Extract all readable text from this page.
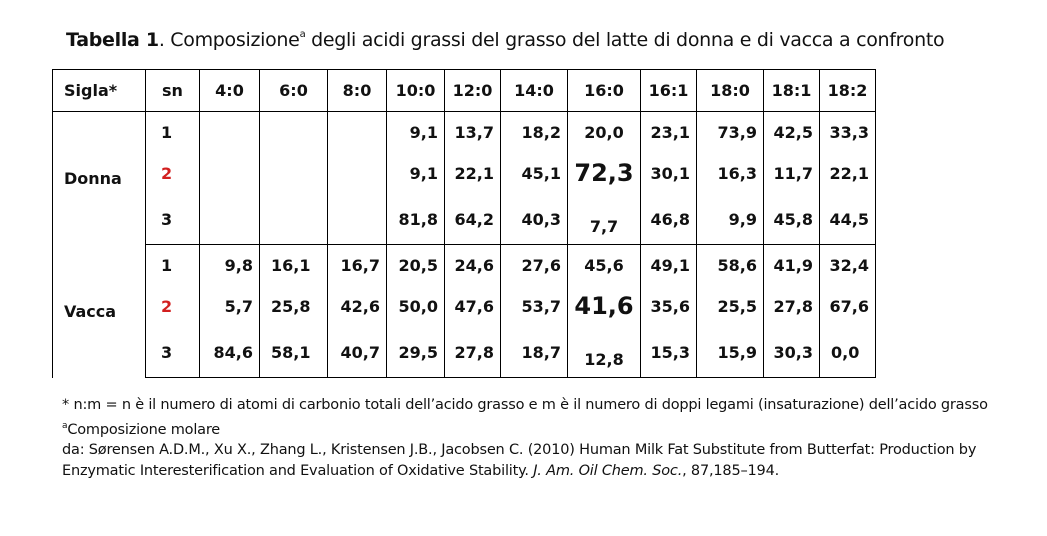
Tabella 1. Composizione$^a$ degli acidi grassi del grasso del latte di donna e di vacca a confronto
Sigla*	sn	4:0	6:0	8:0	10:0	12:0	14:0	16:0	16:1	18:0	18:1	18:2
Donna	1				9,1	13,7	18,2	20,0	23,1	73,9	42,5	33,3
	2				9,1	22,1	45,1	72,3	30,1	16,3	11,7	22,1
	3				81,8	64,2	40,3	7,7	46,8	9,9	45,8	44,5
Vacca	1	9,8	16,1	16,7	20,5	24,6	27,6	45,6	49,1	58,6	41,9	32,4
	2	5,7	25,8	42,6	50,0	47,6	53,7	41,6	35,6	25,5	27,8	67,6
	3	84,6	58,1	40,7	29,5	27,8	18,7	12,8	15,3	15,9	30,3	0,0
* n:m = n è il numero di atomi di carbonio totali dell’acido grasso e m è il numero di doppi legami (insaturazione) dell’acido grasso
$^a$Composizione molare
da: Sørensen A.D.M., Xu X., Zhang L., Kristensen J.B., Jacobsen C. (2010) Human Milk Fat Substitute from Butterfat: Production by
Enzymatic Interesterification and Evaluation of Oxidative Stability. J. Am. Oil Chem. Soc., 87,185–194.
